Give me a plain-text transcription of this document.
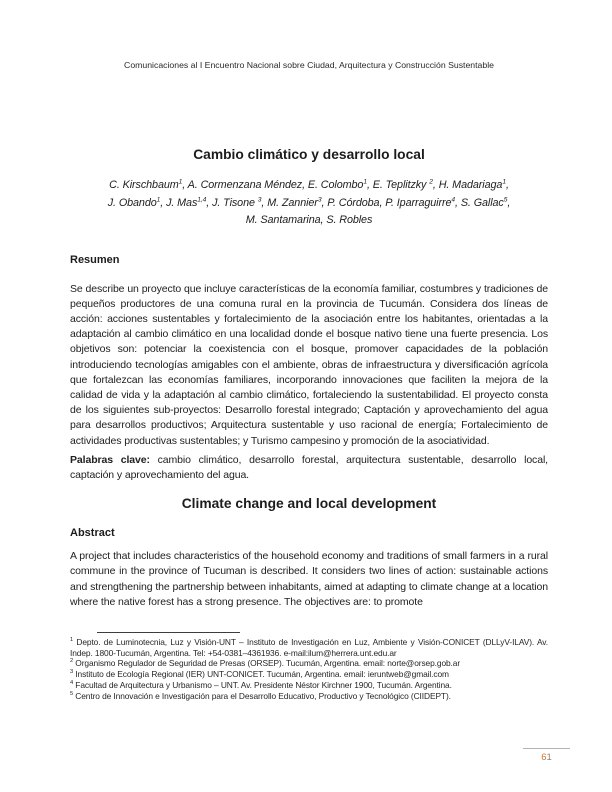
Comunicaciones al I Encuentro Nacional sobre Ciudad, Arquitectura y Construcción Sustentable
Cambio climático y desarrollo local
C. Kirschbaum$^1$, A. Cormenzana Méndez, E. Colombo$^1$, E. Teplitzky $^2$, H. Madariaga$^1$,
J. Obando$^1$, J. Mas$^{1,4}$, J. Tisone $^3$, M. Zannier$^3$, P. Córdoba, P. Iparraguirre$^4$, S. Gallac$^5$,
M. Santamarina, S. Robles
Resumen

Se describe un proyecto que incluye características de la economía familiar, costumbres y tradiciones de pequeños productores de una comuna rural en la provincia de Tucumán. Considera dos líneas de acción: acciones sustentables y fortalecimiento de la asociación entre los habitantes, orientadas a la adaptación al cambio climático en una localidad donde el bosque nativo tiene una fuerte presencia. Los objetivos son: potenciar la coexistencia con el bosque, promover capacidades de la población introduciendo tecnologías amigables con el ambiente, obras de infraestructura y diversificación agrícola que fortalezcan las economías familiares, incorporando innovaciones que faciliten la mejora de la calidad de vida y la adaptación al cambio climático, fortaleciendo la sustentabilidad. El proyecto consta de los siguientes sub-proyectos: Desarrollo forestal integrado; Captación y aprovechamiento del agua para desarrollos productivos; Arquitectura sustentable y uso racional de energía; Fortalecimiento de actividades productivas sustentables; y Turismo campesino y promoción de la asociatividad.

Palabras clave: cambio climático, desarrollo forestal, arquitectura sustentable, desarrollo local, captación y aprovechamiento del agua.

Climate change and local development
Abstract

A project that includes characteristics of the household economy and traditions of small farmers in a rural commune in the province of Tucuman is described. It considers two lines of action: sustainable actions and strengthening the partnership between inhabitants, aimed at adapting to climate change at a location where the native forest has a strong presence. The objectives are: to promote

$^1$ Depto. de Luminotecnia, Luz y Visión-UNT – Instituto de Investigación en Luz, Ambiente y Visión-CONICET (DLLyV-ILAV). Av. Indep. 1800-Tucumán, Argentina. Tel: +54-0381–4361936. e-mail:ilum@herrera.unt.edu.ar
$^2$ Organismo Regulador de Seguridad de Presas (ORSEP). Tucumán, Argentina. email: norte@orsep.gob.ar
$^3$ Instituto de Ecología Regional (IER) UNT-CONICET. Tucumán, Argentina. email: ieruntweb@gmail.com
$^4$ Facultad de Arquitectura y Urbanismo – UNT. Av. Presidente Néstor Kirchner 1900, Tucumán. Argentina.
$^5$ Centro de Innovación e Investigación para el Desarrollo Educativo, Productivo y Tecnológico (CIIDEPT).
61
